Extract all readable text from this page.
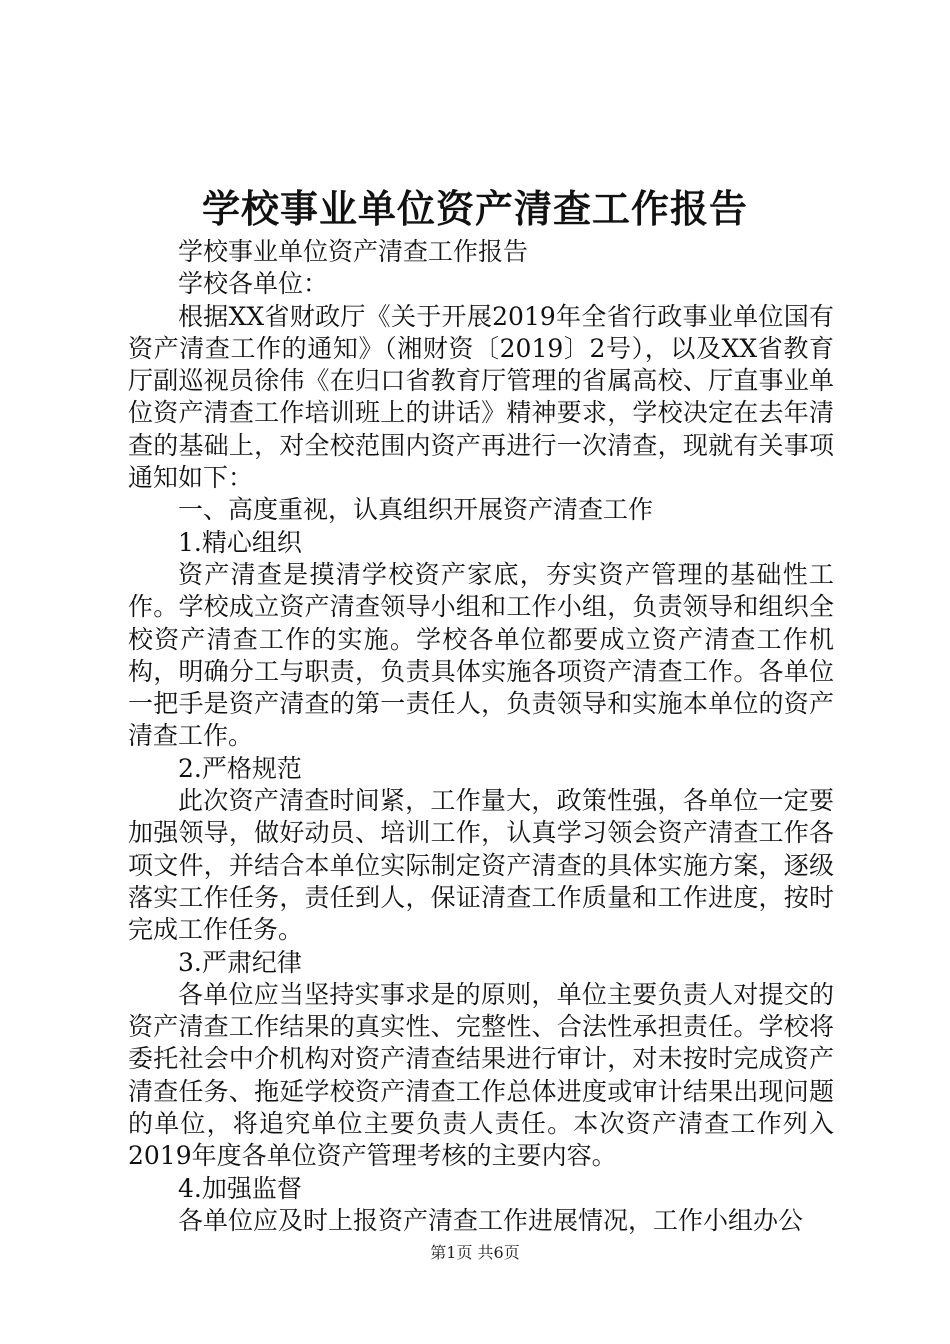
学校事业单位资产清查工作报告

学校事业单位资产清查工作报告

学校各单位：

根据XX省财政厅《关于开展2019年全省行政事业单位国有资产清查工作的通知》（湘财资〔2019〕2号），以及XX省教育厅副巡视员徐伟《在归口省教育厅管理的省属高校、厅直事业单位资产清查工作培训班上的讲话》精神要求，学校决定在去年清查的基础上，对全校范围内资产再进行一次清查，现就有关事项通知如下：

一、高度重视，认真组织开展资产清查工作

1.精心组织

资产清查是摸清学校资产家底，夯实资产管理的基础性工作。学校成立资产清查领导小组和工作小组，负责领导和组织全校资产清查工作的实施。学校各单位都要成立资产清查工作机构，明确分工与职责，负责具体实施各项资产清查工作。各单位一把手是资产清查的第一责任人，负责领导和实施本单位的资产清查工作。

2.严格规范

此次资产清查时间紧，工作量大，政策性强，各单位一定要加强领导，做好动员、培训工作，认真学习领会资产清查工作各项文件，并结合本单位实际制定资产清查的具体实施方案，逐级落实工作任务，责任到人，保证清查工作质量和工作进度，按时完成工作任务。

3.严肃纪律

各单位应当坚持实事求是的原则，单位主要负责人对提交的资产清查工作结果的真实性、完整性、合法性承担责任。学校将委托社会中介机构对资产清查结果进行审计，对未按时完成资产清查任务、拖延学校资产清查工作总体进度或审计结果出现问题的单位，将追究单位主要负责人责任。本次资产清查工作列入2019年度各单位资产管理考核的主要内容。

4.加强监督

各单位应及时上报资产清查工作进展情况，工作小组办公

第1页 共6页
